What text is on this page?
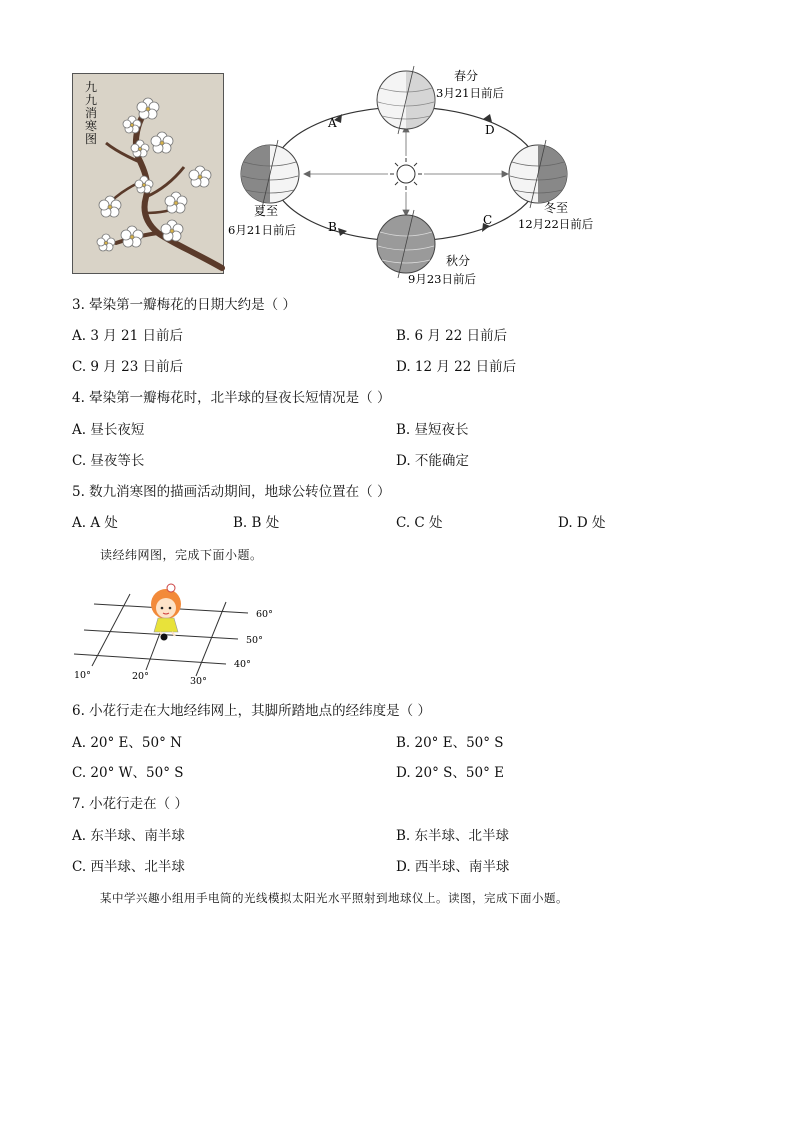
九九消寒图
A
B	C
D
春分
3月21日前后
夏至
6月21日前后
秋分
9月23日前后
冬至
12月22日前后
3. 晕染第一瓣梅花的日期大约是（ ）
A. 3 月 21 日前后	B. 6 月 22 日前后
C. 9 月 23 日前后	D. 12 月 22 日前后
4. 晕染第一瓣梅花时，北半球的昼夜长短情况是（ ）
A. 昼长夜短	B. 昼短夜长
C. 昼夜等长	D. 不能确定
5. 数九消寒图的描画活动期间，地球公转位置在（ ）
A. A 处	B. B 处	C. C 处	D. D 处
读经纬网图，完成下面小题。
60°
50°
40°
10°	20°	30°
6. 小花行走在大地经纬网上，其脚所踏地点的经纬度是（ ）
A. 20° E、50° N	B. 20° E、50° S
C. 20° W、50° S	D. 20° S、50° E
7. 小花行走在（ ）
A. 东半球、南半球	B. 东半球、北半球
C. 西半球、北半球	D. 西半球、南半球
某中学兴趣小组用手电筒的光线模拟太阳光水平照射到地球仪上。读图，完成下面小题。
